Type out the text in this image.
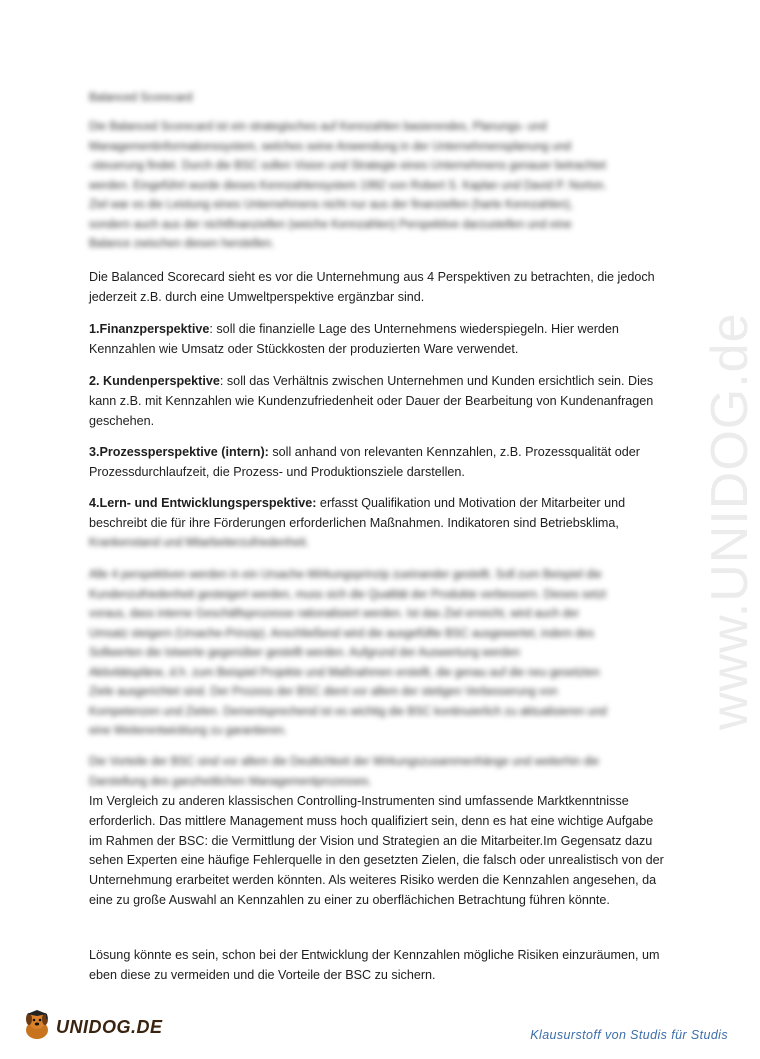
www.UNIDOG.de
Balanced Scorecard
Die Balanced Scorecard ist ein strategisches auf Kennzahlen basierendes, Planungs- und
Managementinformationssystem, welches seine Anwendung in der Unternehmensplanung und
-steuerung findet. Durch die BSC sollen Vision und Strategie eines Unternehmens genauer betrachtet
werden. Eingeführt wurde dieses Kennzahlensystem 1992 von Robert S. Kaplan und David P. Norton.
Ziel war es die Leistung eines Unternehmens nicht nur aus der finanziellen (harte Kennzahlen),
sondern auch aus der nichtfinanziellen (weiche Kennzahlen) Perspektive darzustellen und eine
Balance zwischen diesen herstellen.

Die Balanced Scorecard sieht es vor die Unternehmung aus 4 Perspektiven zu betrachten, die jedoch jederzeit z.B. durch eine Umweltperspektive ergänzbar sind.

1.Finanzperspektive: soll die finanzielle Lage des Unternehmens wiederspiegeln. Hier werden Kennzahlen wie Umsatz oder Stückkosten der produzierten Ware verwendet.

2. Kundenperspektive: soll das Verhältnis zwischen Unternehmen und Kunden ersichtlich sein. Dies kann z.B. mit Kennzahlen wie Kundenzufriedenheit oder Dauer der Bearbeitung von Kundenanfragen geschehen.

3.Prozessperspektive (intern): soll anhand von relevanten Kennzahlen, z.B. Prozessqualität oder Prozessdurchlaufzeit, die Prozess- und Produktionsziele darstellen.

4.Lern- und Entwicklungsperspektive: erfasst Qualifikation und Motivation der Mitarbeiter und beschreibt die für ihre Förderungen erforderlichen Maßnahmen. Indikatoren sind Betriebsklima,

Krankenstand und Mitarbeiterzufriedenheit.
Alle 4 perspektiven werden in ein Ursache-Wirkungsprinzip zueinander gestellt. Soll zum Beispiel die
Kundenzufriedenheit gesteigert werden, muss sich die Qualität der Produkte verbessern. Dieses setzt
voraus, dass interne Geschäftsprozesse rationalisiert werden. Ist das Ziel erreicht, wird auch der
Umsatz steigern (Ursache-Prinzip). Anschließend wird die ausgefüllte BSC ausgewertet, indem des
Sollwerten die Istwerte gegenüber gestellt werden. Aufgrund der Auswertung werden
Aktivitätspläne, d.h. zum Beispiel Projekte und Maßnahmen erstellt, die genau auf die neu gesetzten
Ziele ausgerichtet sind. Der Prozess der BSC dient vor allem der stetigen Verbesserung von
Kompetenzen und Zielen. Dementsprechend ist es wichtig die BSC kontinuierlich zu aktualisieren und
eine Weiterentwicklung zu garantieren.
Die Vorteile der BSC sind vor allem die Deutlichkeit der Wirkungszusammenhänge und weiterhin die
Darstellung des ganzheitlichen Managementprozesses.

Im Vergleich zu anderen klassischen Controlling-Instrumenten sind umfassende Marktkenntnisse erforderlich. Das mittlere Management muss hoch qualifiziert sein, denn es hat eine wichtige Aufgabe im Rahmen der BSC: die Vermittlung der Vision und Strategien an die Mitarbeiter.Im Gegensatz dazu sehen Experten eine häufige Fehlerquelle in den gesetzten Zielen, die falsch oder unrealistisch von der Unternehmung erarbeitet werden könnten. Als weiteres Risiko werden die Kennzahlen angesehen, da eine zu große Auswahl an Kennzahlen zu einer zu oberflächichen Betrachtung führen könnte.

Lösung könnte es sein, schon bei der Entwicklung der Kennzahlen mögliche Risiken einzuräumen, um eben diese zu vermeiden und die Vorteile der BSC zu sichern.

UNIDOG.DE	Klausurstoff von Studis für Studis
